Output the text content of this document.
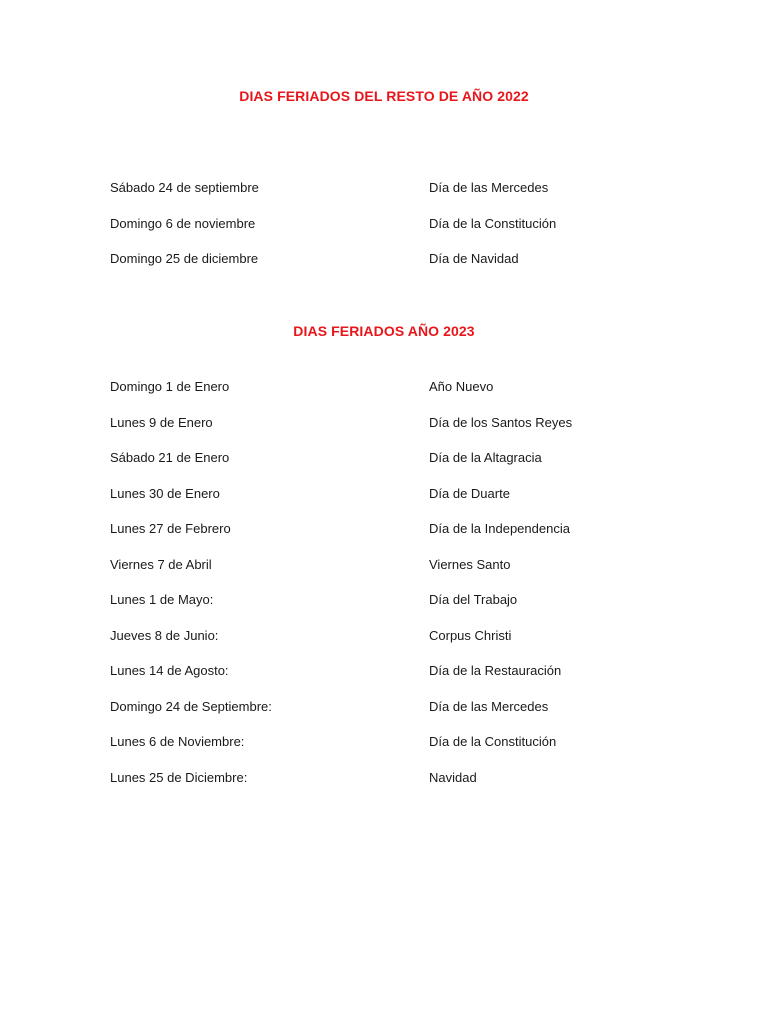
DIAS FERIADOS DEL RESTO DE AÑO 2022
Sábado 24 de septiembre	Día de las Mercedes
Domingo 6 de noviembre	Día de la Constitución
Domingo 25 de diciembre	Día de Navidad
DIAS FERIADOS AÑO 2023
Domingo 1 de Enero	Año Nuevo
Lunes 9 de Enero	Día de los Santos Reyes
Sábado 21 de Enero	Día de la Altagracia
Lunes 30 de Enero	Día de Duarte
Lunes 27 de Febrero	Día de la Independencia
Viernes 7 de Abril	Viernes Santo
Lunes 1 de Mayo:	Día del Trabajo
Jueves 8 de Junio:	Corpus Christi
Lunes 14 de Agosto:	Día de la Restauración
Domingo 24 de Septiembre:	Día de las Mercedes
Lunes 6 de Noviembre:	Día de la Constitución
Lunes 25 de Diciembre:	Navidad
